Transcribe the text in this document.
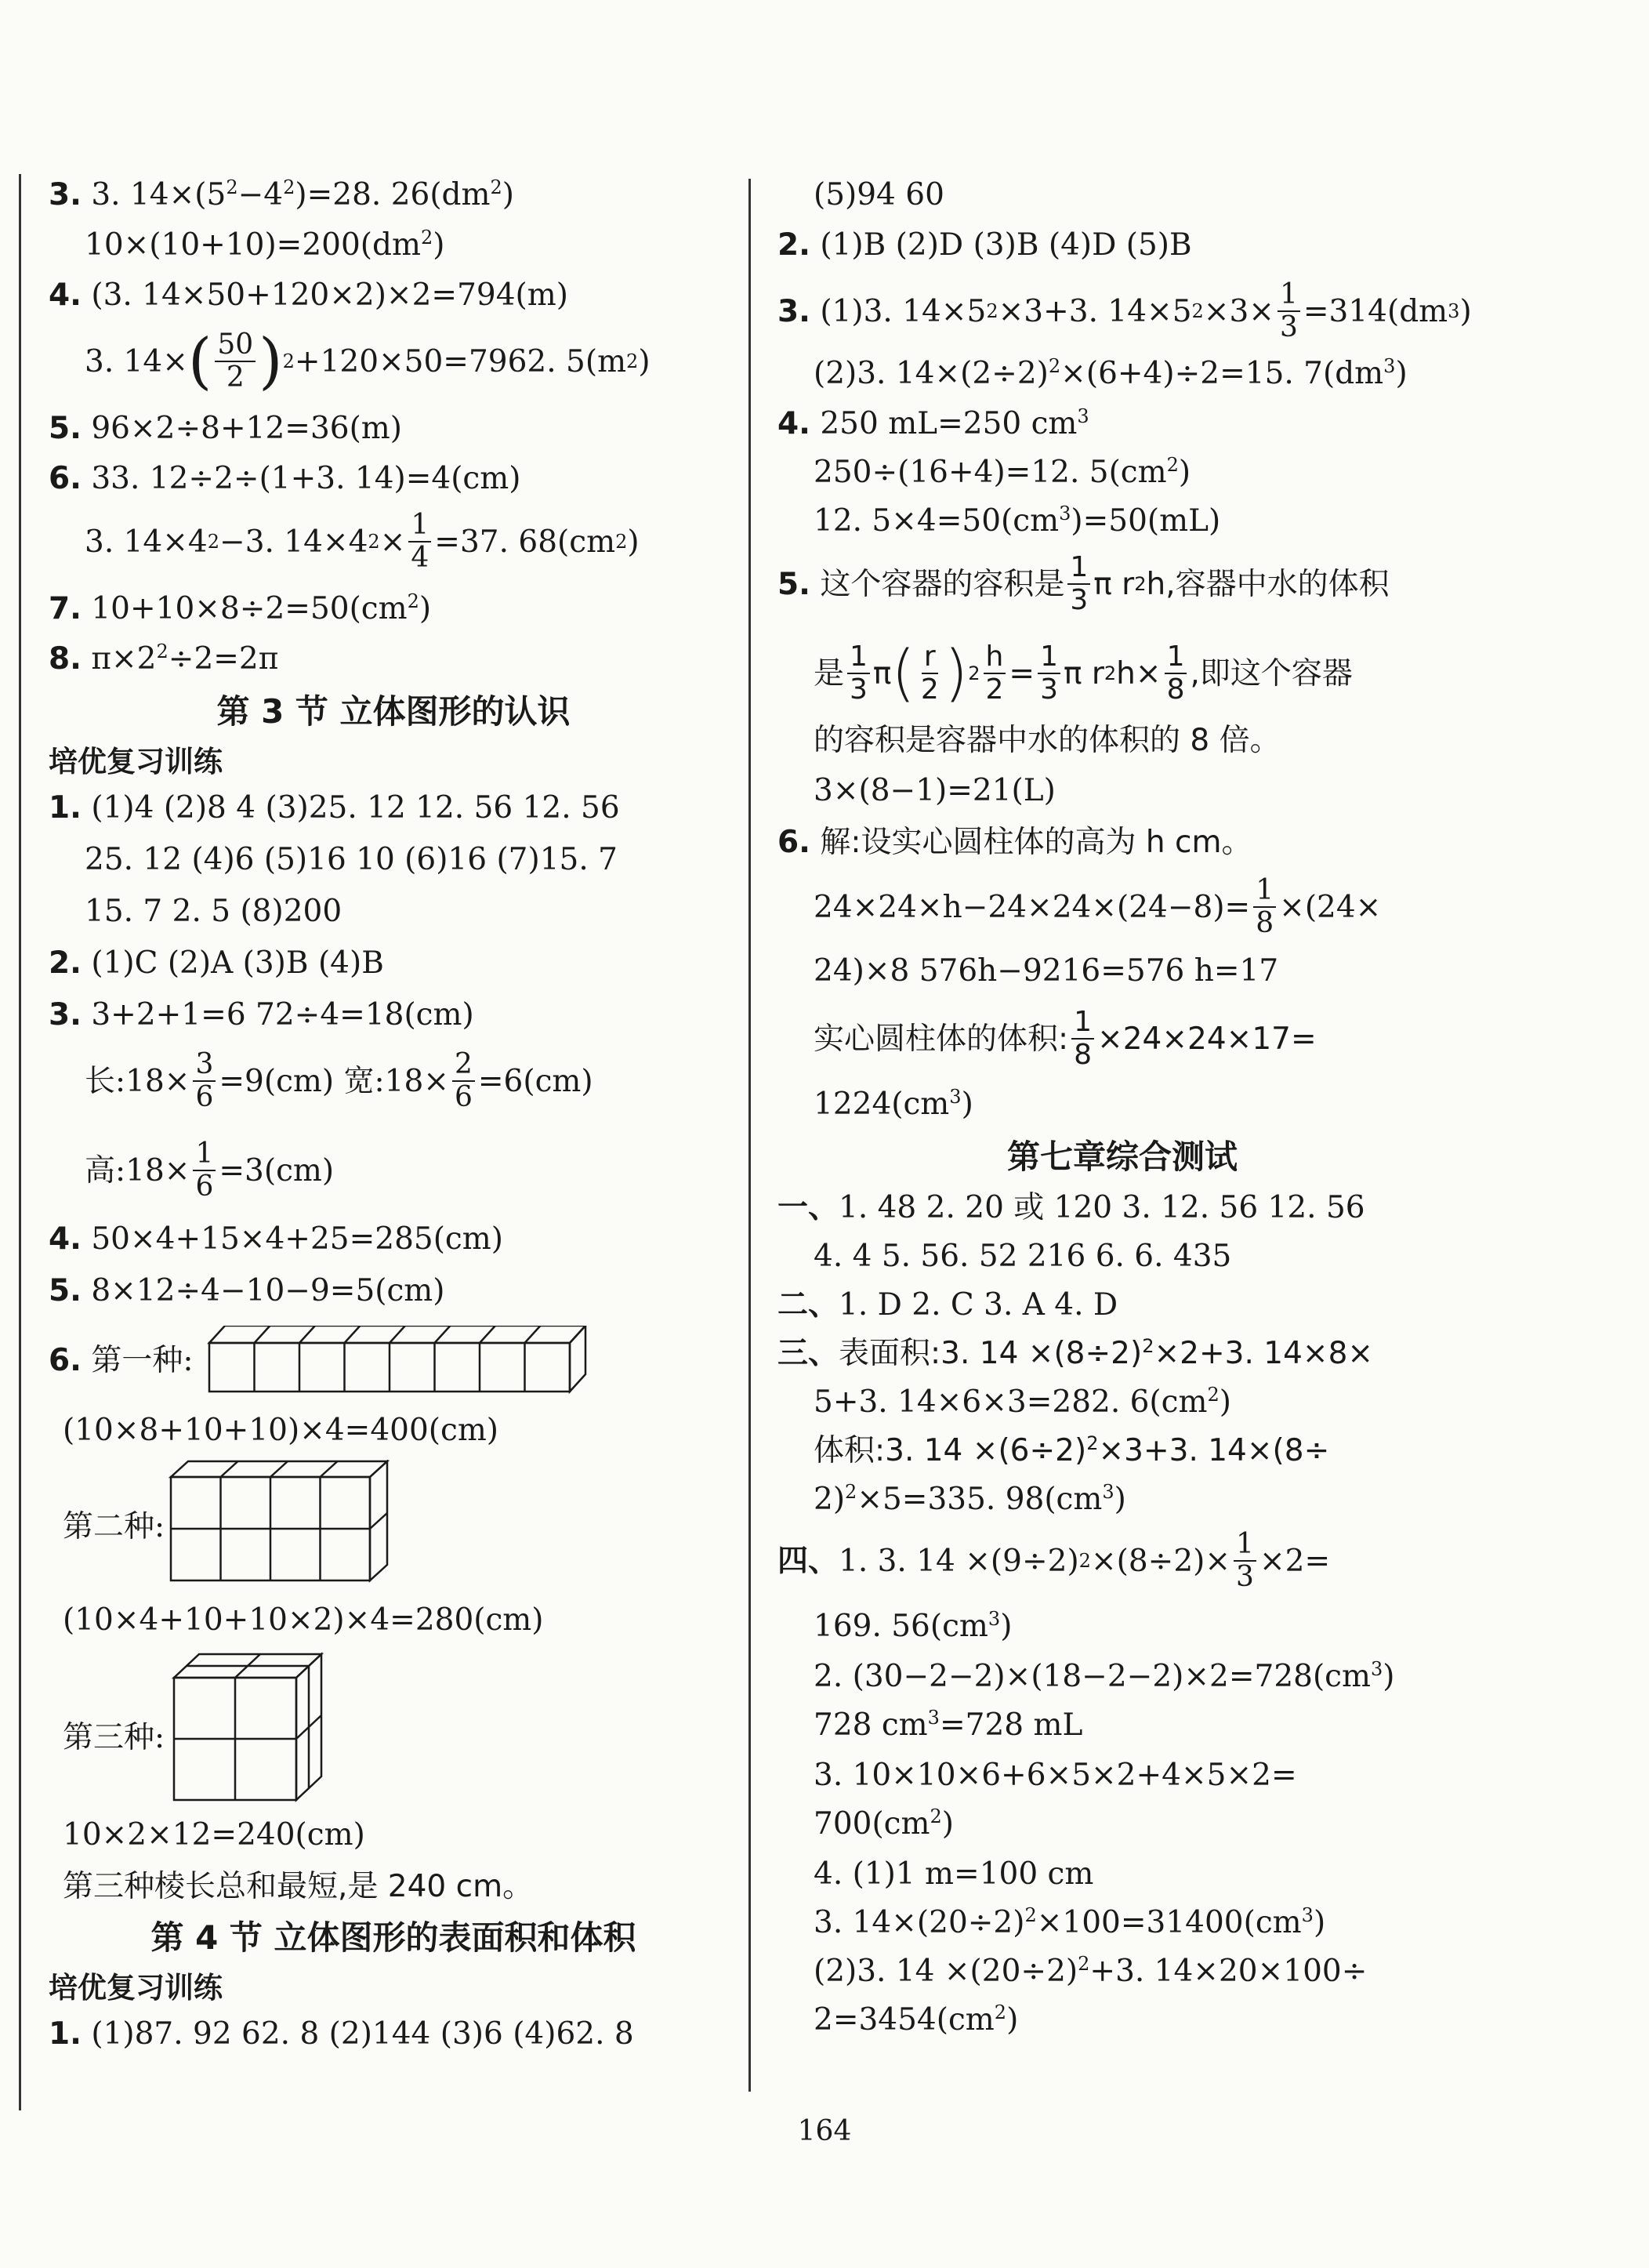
3. 3. $14\times(5^2-4^2)=28$. $26(dm^2)$
$10\times(10+10)=200(dm^2)$
4. (3. 14×50+120×2)×2=794(m)
3. 14× ( $\frac{50}{2}$ ) 2 +120×50=7962. 5(m 2 )
5. 96×2÷8+12=36(m)
6. 33. 12÷2÷(1+3. 14)=4(cm)
3. 14×4 2 −3. 14×4 $2 \times \frac{1}{4} =37$. 68(cm 2 )
7. $10+10\times 8\div 2=50(cm^2)$
8. $\pi\times 2^2\div 2=2\pi$
第 3 节 立体图形的认识
培优复习训练
1. (1)4 (2)8 4 (3)25. 12 12. 56 12. 56
25. 12 (4)6 (5)16 10 (6)16 (7)15. 7
15. 7 2. 5 (8)200
2. (1)C (2)A (3)B (4)B
3. 3+2+1=6 72÷4=18(cm)
长:18× $\frac{3}{6} =9(cm)$ 宽:18× $\frac{2}{6} =6(cm)$
高:18× $\frac{1}{6} =3(cm)$
4. 50×4+15×4+25=285(cm)
5. 8×12÷4−10−9=5(cm)
6.
第一种:
(10×8+10+10)×4=400(cm)
第二种:
(10×4+10+10×2)×4=280(cm)
第三种:
10×2×12=240(cm)
第三种棱长总和最短,是 240 cm。
第 4 节 立体图形的表面积和体积
培优复习训练
1. (1)87. 92 62. 8 (2)144 (3)6 (4)62. 8
(5)94 60
2. (1)B (2)D (3)B (4)D (5)B
3.
(1)3. 14×5 2 ×3+3. 14×5 $2 \times 3\times \frac{1}{3} =314(dm$ 3 )
(2)3. $14\times(2\div 2)^2\times(6+4)\div 2=15$. $7(dm^3)$
4. 250 mL=250 $cm^3$
250÷(16+4)=12. $5(cm^2)$
12. $5\times 4=50(cm^3)=50(mL)$
5.
这个容器的容积是 $\frac{1}{3}$ π r 2 h,容器中水的体积
是 $\frac{1}{3}$ π ( $\frac{r}{2}$ ) $2 \frac{h}{2} = \frac{1}{3}$ π r 2 $h\times \frac{1}{8}$ ,即这个容器
的容积是容器中水的体积的 8 倍。
3×(8−1)=21(L)
6. 解:设实心圆柱体的高为 h cm。
$24\times 24\times h-24\times 24\times(24-8)= \frac{1}{8} \times(24\times$
24)×8 576h−9216=576 h=17
实心圆柱体的体积: $\frac{1}{8} \times 24\times 24\times 17=$
$1224(cm^3)$
第七章综合测试
一、1. 48 2. 20 或 120 3. 12. 56 12. 56
4. 4 5. 56. 52 216 6. 6. 435
二、1. D 2. C 3. A 4. D
三、表面积:3. $14 \times(8\div 2)^2\times 2+3$. 14×8×
5+3. 14×6×3=282. $6(cm^2)$
体积:3. $14 \times(6\div 2)^2\times 3+3$. 14×(8÷
2)$^2$×5=335. $98(cm^3)$
四、 1. 3. 14 ×(9÷2) $2 \times(8\div 2)\times \frac{1}{3} \times 2=$
169. $56(cm^3)$
2. $(30-2-2)\times(18-2-2)\times 2=728(cm^3)$
728 $cm^3=728$ mL
3. 10×10×6+6×5×2+4×5×2=
$700(cm^2)$
4. (1)1 m=100 cm
3. $14\times(20\div 2)^2\times 100=31400(cm^3)$
(2)3. $14 \times(20\div 2)^2+3$. 14×20×100÷
$2=3454(cm^2)$
164
